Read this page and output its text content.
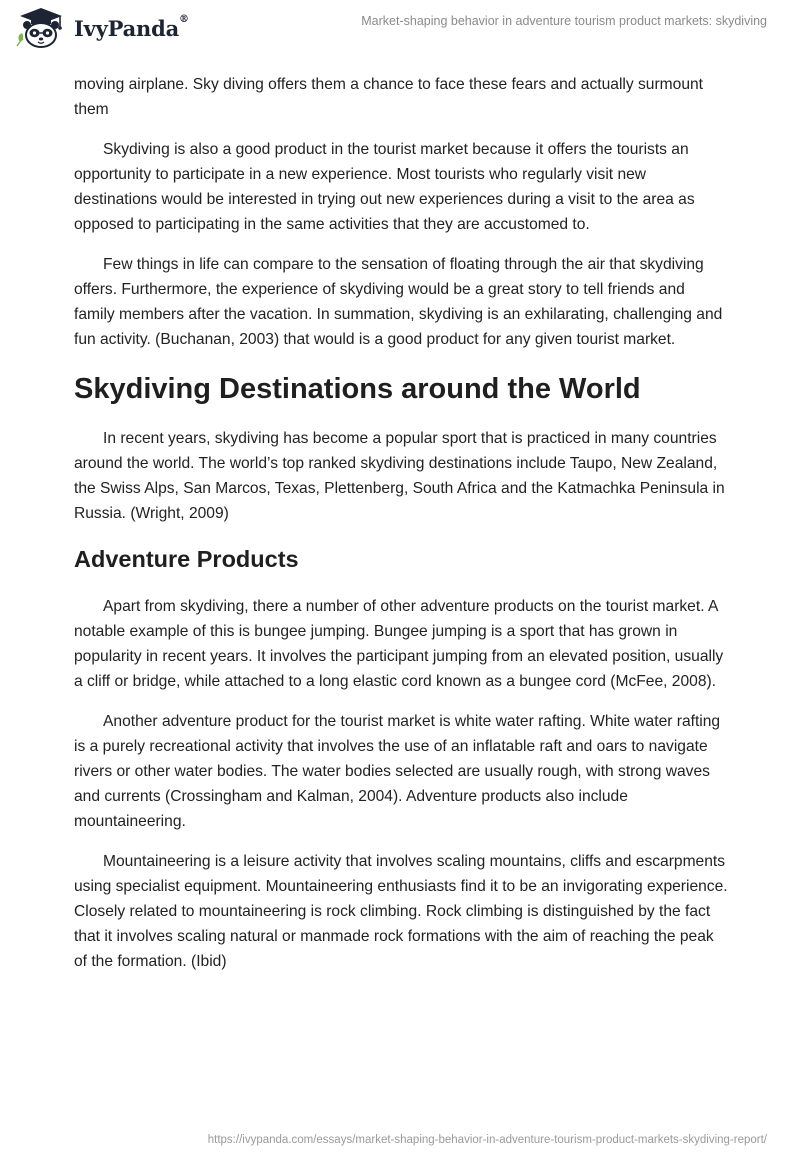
IvyPanda®	Market-shaping behavior in adventure tourism product markets: skydiving

moving airplane. Sky diving offers them a chance to face these fears and actually surmount them

Skydiving is also a good product in the tourist market because it offers the tourists an opportunity to participate in a new experience. Most tourists who regularly visit new destinations would be interested in trying out new experiences during a visit to the area as opposed to participating in the same activities that they are accustomed to.

Few things in life can compare to the sensation of floating through the air that skydiving offers. Furthermore, the experience of skydiving would be a great story to tell friends and family members after the vacation. In summation, skydiving is an exhilarating, challenging and fun activity. (Buchanan, 2003) that would is a good product for any given tourist market.

Skydiving Destinations around the World

In recent years, skydiving has become a popular sport that is practiced in many countries around the world. The world’s top ranked skydiving destinations include Taupo, New Zealand, the Swiss Alps, San Marcos, Texas, Plettenberg, South Africa and the Katmachka Peninsula in Russia. (Wright, 2009)

Adventure Products

Apart from skydiving, there a number of other adventure products on the tourist market. A notable example of this is bungee jumping. Bungee jumping is a sport that has grown in popularity in recent years. It involves the participant jumping from an elevated position, usually a cliff or bridge, while attached to a long elastic cord known as a bungee cord (McFee, 2008).

Another adventure product for the tourist market is white water rafting. White water rafting is a purely recreational activity that involves the use of an inflatable raft and oars to navigate rivers or other water bodies. The water bodies selected are usually rough, with strong waves and currents (Crossingham and Kalman, 2004). Adventure products also include mountaineering.

Mountaineering is a leisure activity that involves scaling mountains, cliffs and escarpments using specialist equipment. Mountaineering enthusiasts find it to be an invigorating experience. Closely related to mountaineering is rock climbing. Rock climbing is distinguished by the fact that it involves scaling natural or manmade rock formations with the aim of reaching the peak of the formation. (Ibid)

https://ivypanda.com/essays/market-shaping-behavior-in-adventure-tourism-product-markets-skydiving-report/
